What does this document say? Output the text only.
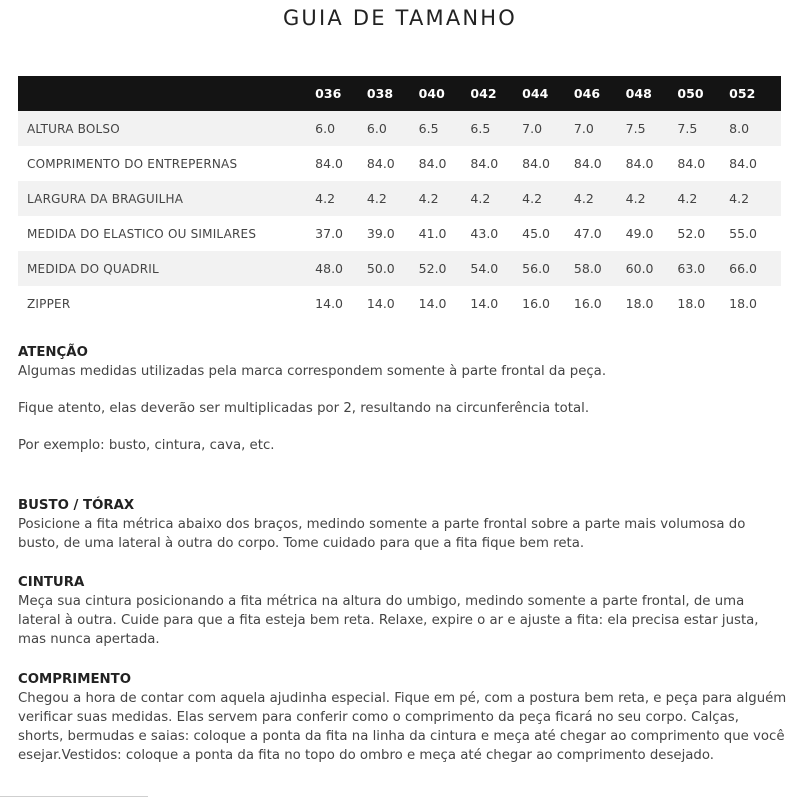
GUIA DE TAMANHO
	036	038	040	042	044	046	048	050	052
ALTURA BOLSO	6.0	6.0	6.5	6.5	7.0	7.0	7.5	7.5	8.0
COMPRIMENTO DO ENTREPERNAS	84.0	84.0	84.0	84.0	84.0	84.0	84.0	84.0	84.0
LARGURA DA BRAGUILHA	4.2	4.2	4.2	4.2	4.2	4.2	4.2	4.2	4.2
MEDIDA DO ELASTICO OU SIMILARES	37.0	39.0	41.0	43.0	45.0	47.0	49.0	52.0	55.0
MEDIDA DO QUADRIL	48.0	50.0	52.0	54.0	56.0	58.0	60.0	63.0	66.0
ZIPPER	14.0	14.0	14.0	14.0	16.0	16.0	18.0	18.0	18.0
ATENÇÃO

Algumas medidas utilizadas pela marca correspondem somente à parte frontal da peça.

Fique atento, elas deverão ser multiplicadas por 2, resultando na circunferência total.

Por exemplo: busto, cintura, cava, etc.

BUSTO / TÓRAX

Posicione a fita métrica abaixo dos braços, medindo somente a parte frontal sobre a parte mais volumosa do busto, de uma lateral à outra do corpo. Tome cuidado para que a fita fique bem reta.

CINTURA

Meça sua cintura posicionando a fita métrica na altura do umbigo, medindo somente a parte frontal, de uma lateral à outra. Cuide para que a fita esteja bem reta. Relaxe, expire o ar e ajuste a fita: ela precisa estar justa, mas nunca apertada.

COMPRIMENTO

Chegou a hora de contar com aquela ajudinha especial. Fique em pé, com a postura bem reta, e peça para alguém verificar suas medidas. Elas servem para conferir como o comprimento da peça ficará no seu corpo. Calças, shorts, bermudas e saias: coloque a ponta da fita na linha da cintura e meça até chegar ao comprimento que você esejar.Vestidos: coloque a ponta da fita no topo do ombro e meça até chegar ao comprimento desejado.
